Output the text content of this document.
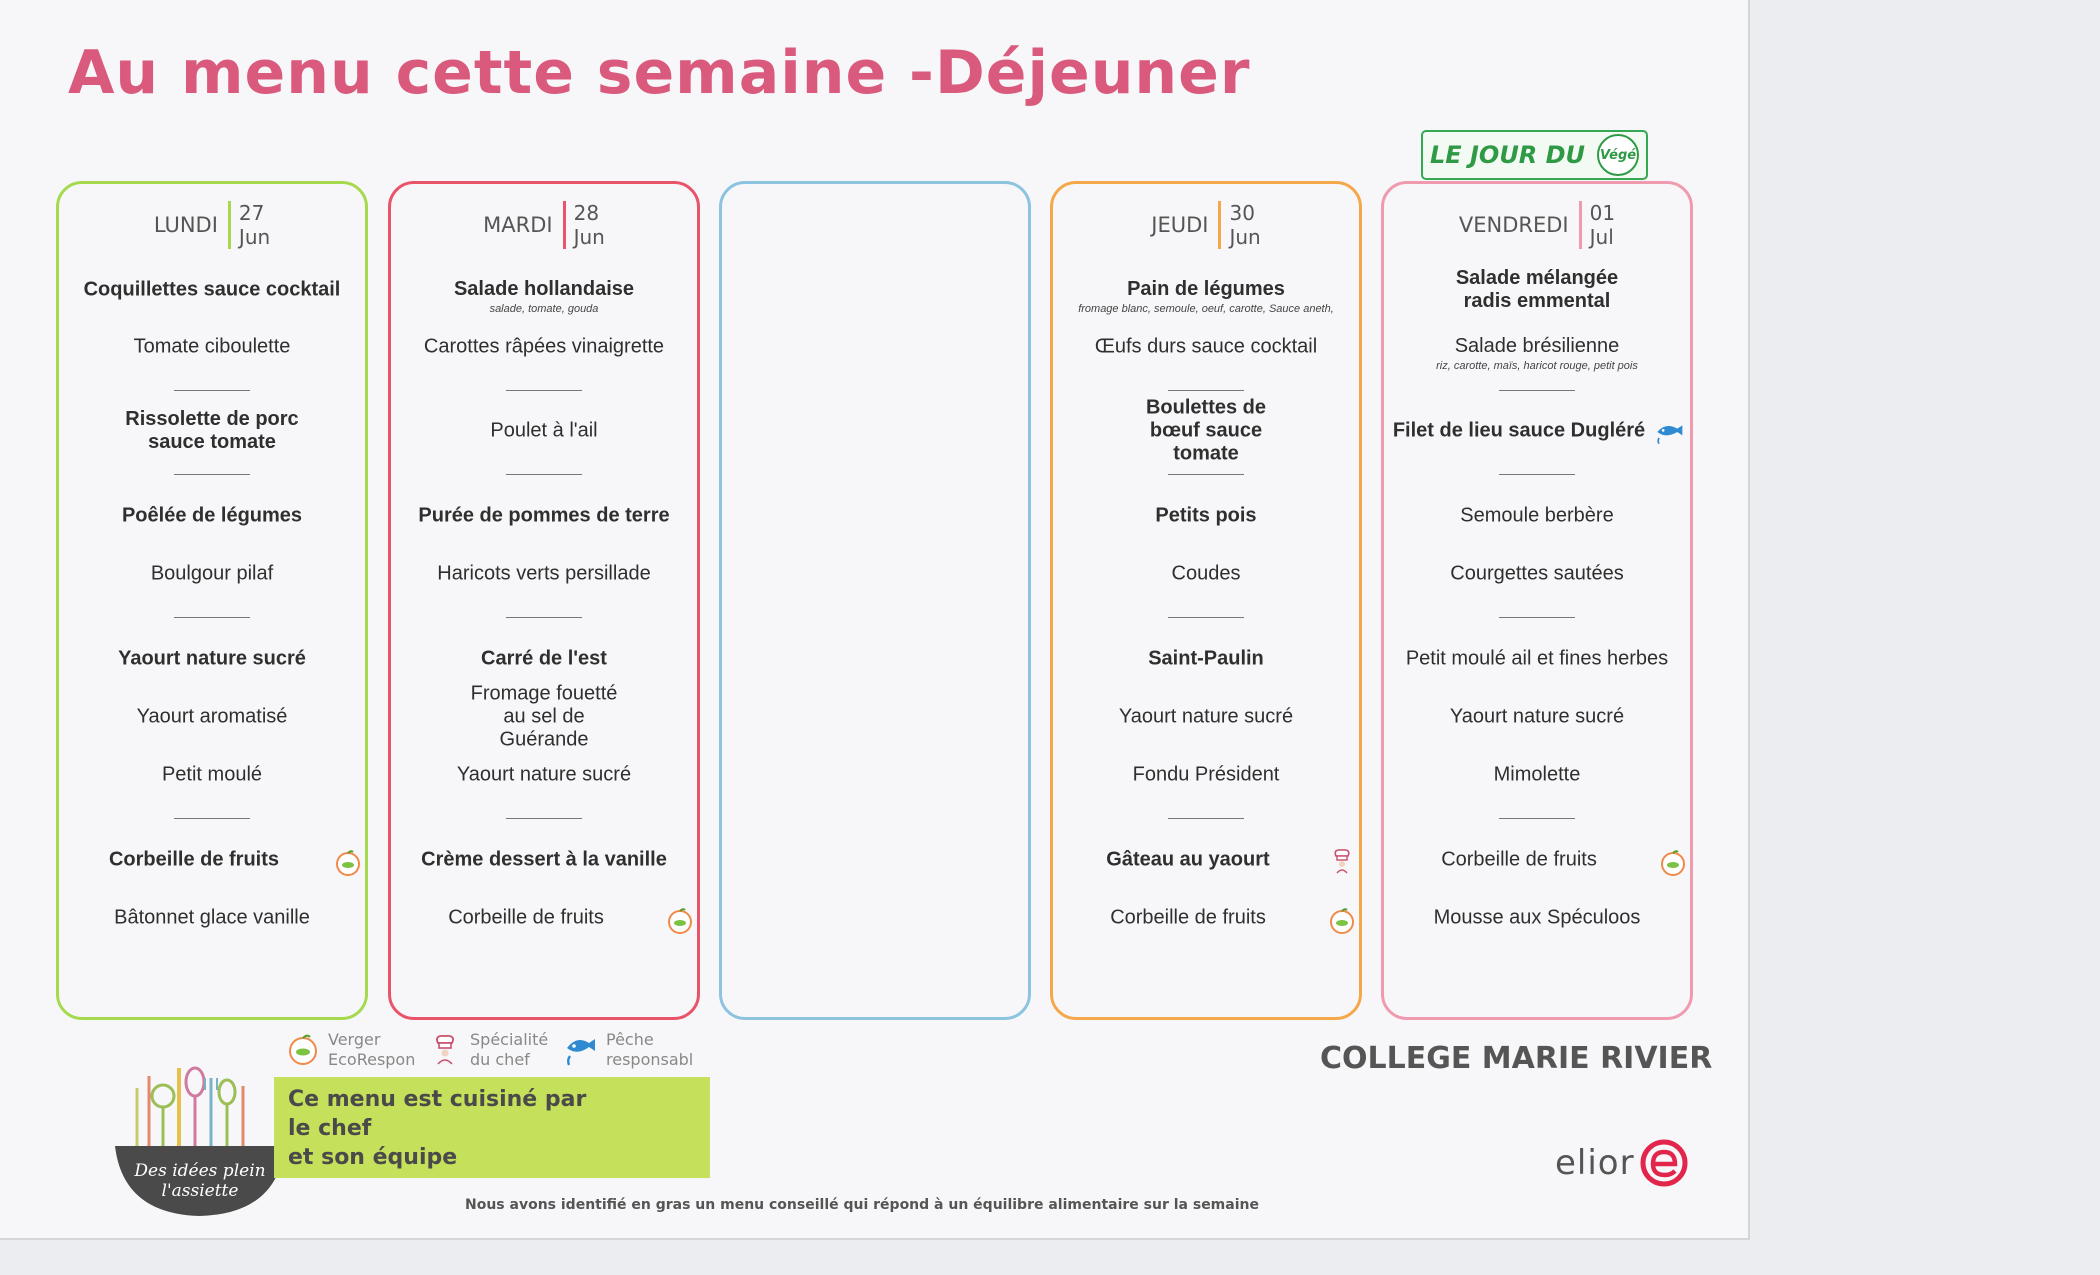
Au menu cette semaine -Déjeuner
LE JOUR DU Végé
LUNDI	27
Jun
Coquillettes sauce cocktail
Tomate ciboulette
Rissolette de porc sauce tomate
Poêlée de légumes
Boulgour pilaf
Yaourt nature sucré
Yaourt aromatisé
Petit moulé
Corbeille de fruits
Bâtonnet glace vanille
MARDI	28
Jun
Salade hollandaise
salade, tomate, gouda
Carottes râpées vinaigrette
Poulet à l'ail
Purée de pommes de terre
Haricots verts persillade
Carré de l'est
Fromage fouetté au sel de Guérande
Yaourt nature sucré
Crème dessert à la vanille
Corbeille de fruits
JEUDI	30
Jun
Pain de légumes
fromage blanc, semoule, oeuf, carotte, Sauce aneth,
Œufs durs sauce cocktail
Boulettes de bœuf sauce tomate
Petits pois
Coudes
Saint-Paulin
Yaourt nature sucré
Fondu Président
Gâteau au yaourt
Corbeille de fruits
VENDREDI	01
Jul
Salade mélangée radis emmental
Salade brésilienne
riz, carotte, maïs, haricot rouge, petit pois
Filet de lieu sauce Dugléré
Semoule berbère
Courgettes sautées
Petit moulé ail et fines herbes
Yaourt nature sucré
Mimolette
Corbeille de fruits
Mousse aux Spéculoos
Verger
EcoRespon
Spécialité
du chef
Pêche
responsabl
Des idées plein
l'assiette
Ce menu est cuisiné par
le chef
et son équipe
COLLEGE MARIE RIVIER
elior

Nous avons identifié en gras un menu conseillé qui répond à un équilibre alimentaire sur la semaine
